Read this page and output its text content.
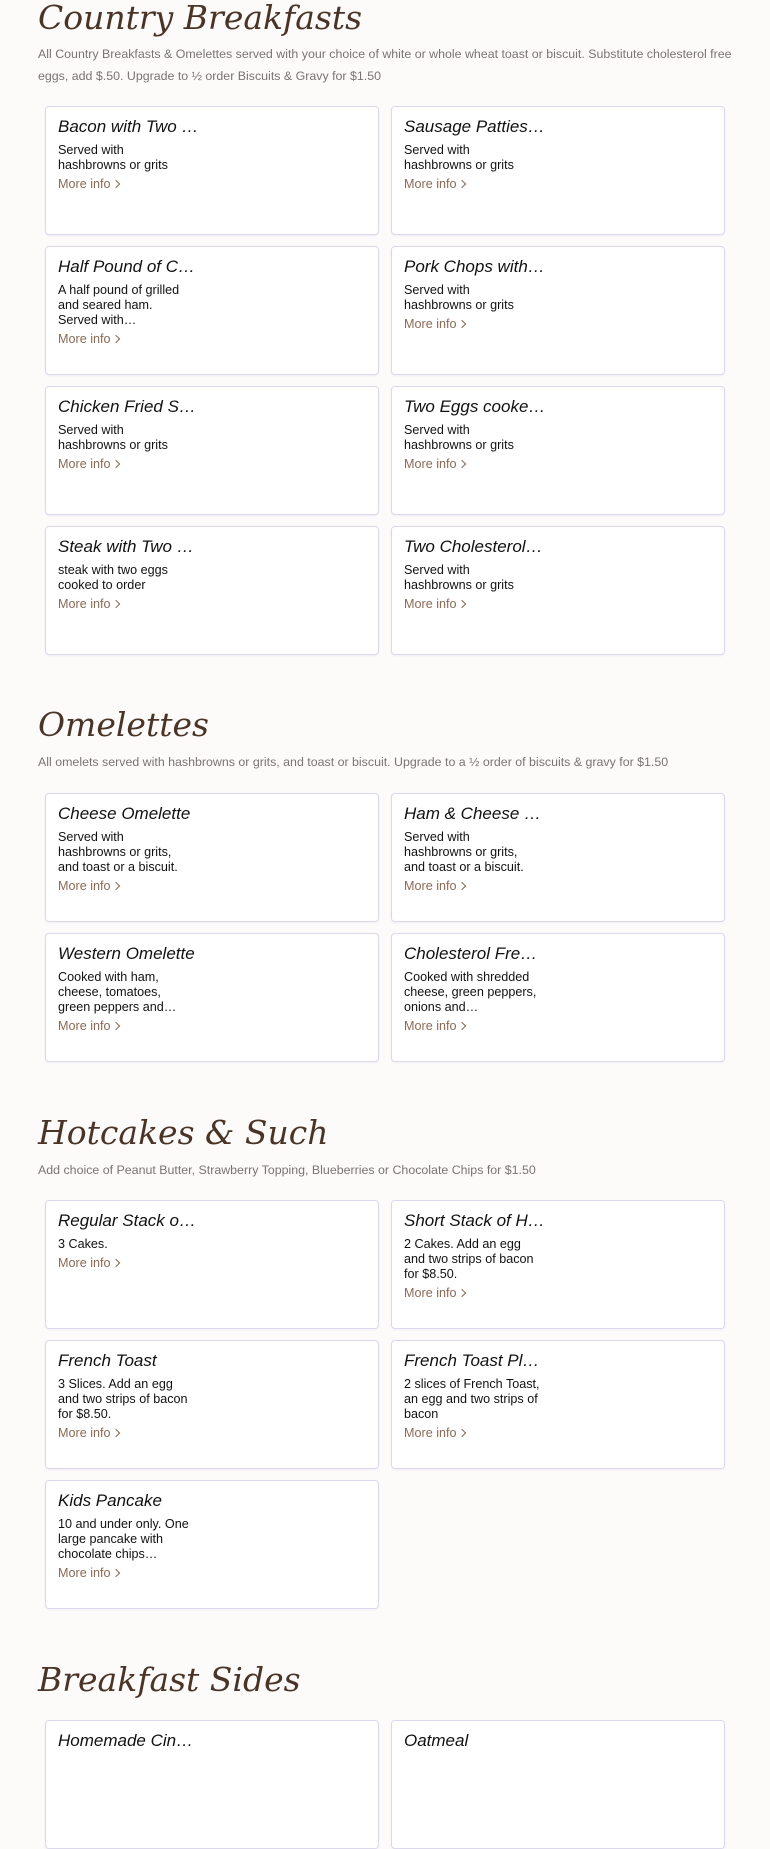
Country Breakfasts

All Country Breakfasts & Omelettes served with your choice of white or whole wheat toast or biscuit. Substitute cholesterol free eggs, add $.50. Upgrade to ½ order Biscuits & Gravy for $1.50

Bacon with Two …

Served with hashbrowns or grits

More info
Sausage Patties…

Served with hashbrowns or grits

More info
Half Pound of C…

A half pound of grilled and seared ham. Served with…

More info
Pork Chops with…

Served with hashbrowns or grits

More info
Chicken Fried S…

Served with hashbrowns or grits

More info
Two Eggs cooke…

Served with hashbrowns or grits

More info
Steak with Two …

steak with two eggs cooked to order

More info
Two Cholesterol…

Served with hashbrowns or grits

More info
Omelettes

All omelets served with hashbrowns or grits, and toast or biscuit. Upgrade to a ½ order of biscuits & gravy for $1.50

Cheese Omelette

Served with hashbrowns or grits, and toast or a biscuit.

More info
Ham & Cheese …

Served with hashbrowns or grits, and toast or a biscuit.

More info
Western Omelette

Cooked with ham, cheese, tomatoes, green peppers and…

More info
Cholesterol Fre…

Cooked with shredded cheese, green peppers, onions and…

More info
Hotcakes & Such

Add choice of Peanut Butter, Strawberry Topping, Blueberries or Chocolate Chips for $1.50

Regular Stack o…

3 Cakes.

More info
Short Stack of H…

2 Cakes. Add an egg and two strips of bacon for $8.50.

More info
French Toast

3 Slices. Add an egg and two strips of bacon for $8.50.

More info
French Toast Pl…

2 slices of French Toast, an egg and two strips of bacon

More info
Kids Pancake

10 and under only. One large pancake with chocolate chips…

More info
Breakfast Sides
Homemade Cin…	Oatmeal
